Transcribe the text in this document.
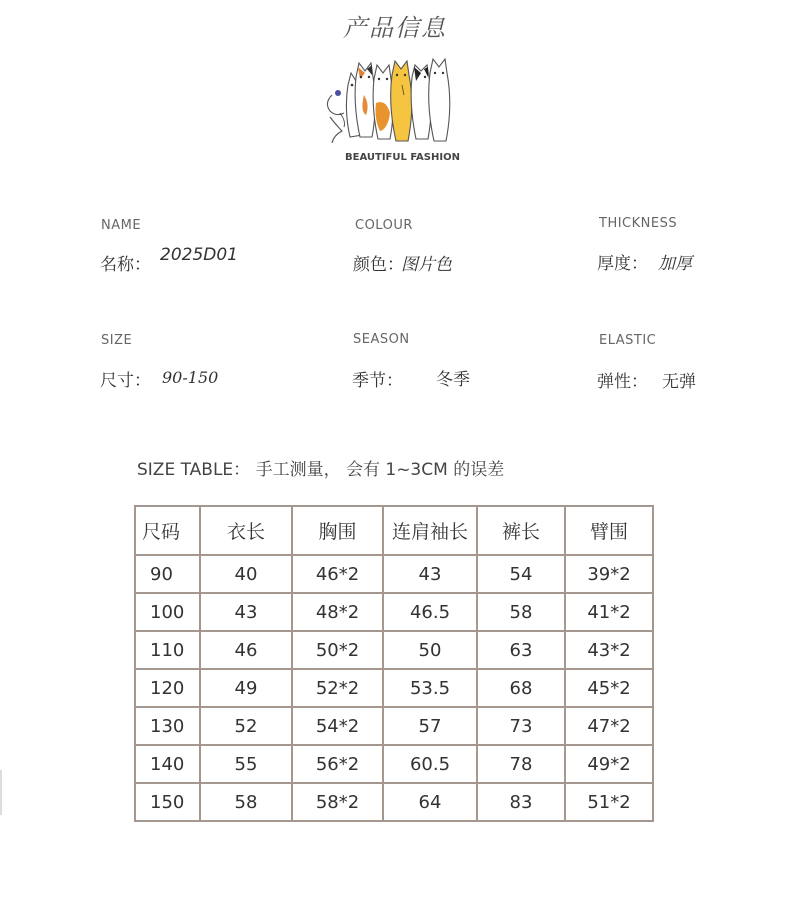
产品信息
BEAUTIFUL FASHION
NAME
名称： 2025D01
COLOUR
颜色：
图片色
THICKNESS
厚度： 加厚
SIZE
尺寸： 90-150
SEASON
季节： 冬季
ELASTIC
弹性： 无弹
SIZE TABLE： 手工测量， 会有 1~3CM 的误差
尺码	衣长	胸围	连肩袖长	裤长	臂围
90	40	46*2	43	54	39*2
100	43	48*2	46.5	58	41*2
110	46	50*2	50	63	43*2
120	49	52*2	53.5	68	45*2
130	52	54*2	57	73	47*2
140	55	56*2	60.5	78	49*2
150	58	58*2	64	83	51*2
